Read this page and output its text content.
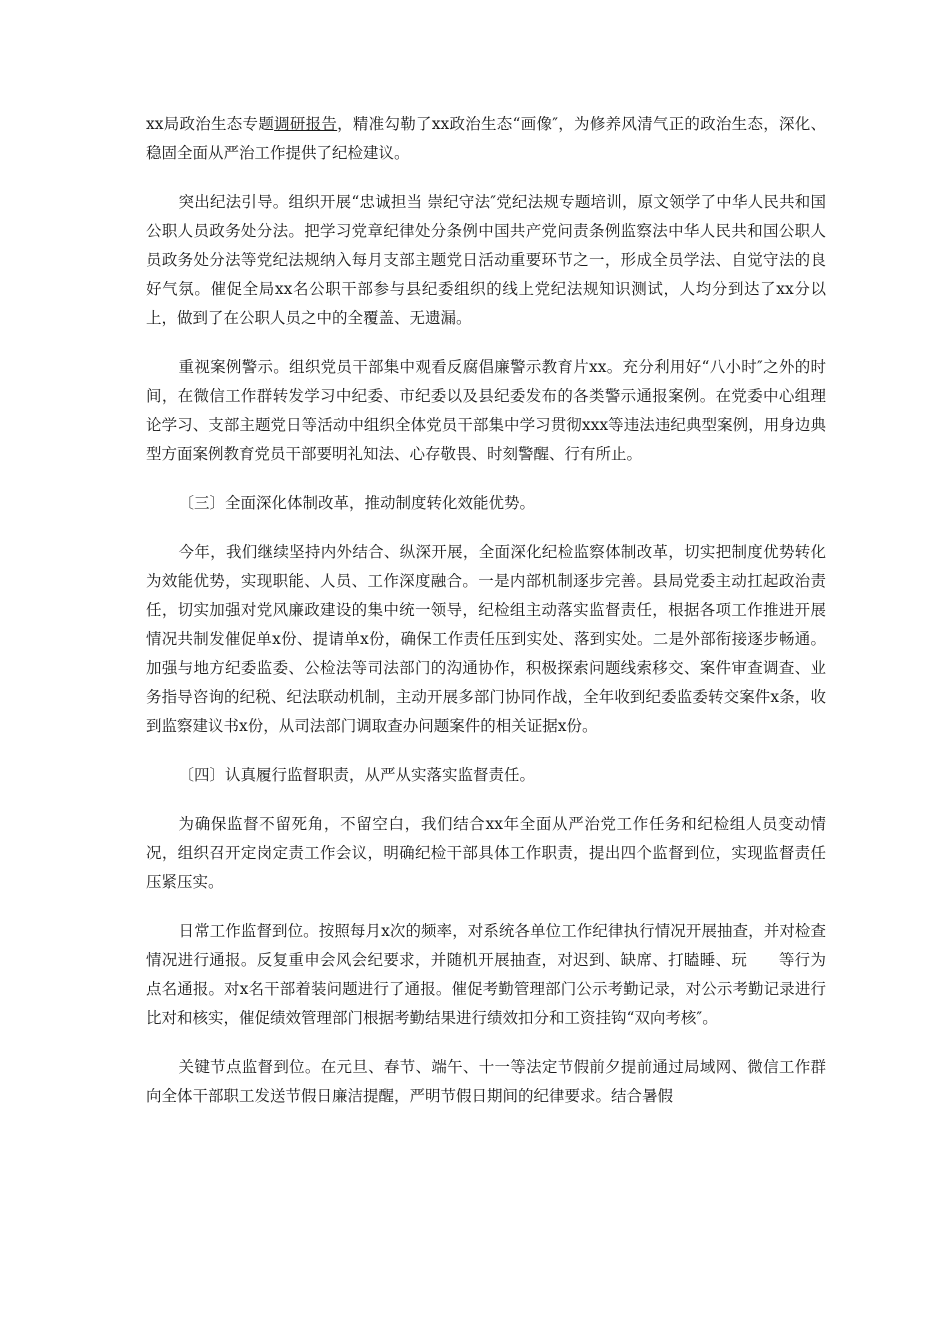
xx局政治生态专题调研报告，精准勾勒了xx政治生态“画像″，为修养风清气正的政治生态，深化、稳固全面从严治工作提供了纪检建议。

突出纪法引导。组织开展“忠诚担当 崇纪守法″党纪法规专题培训，原文领学了中华人民共和国公职人员政务处分法。把学习党章纪律处分条例中国共产党问责条例监察法中华人民共和国公职人员政务处分法等党纪法规纳入每月支部主题党日活动重要环节之一，形成全员学法、自觉守法的良好气氛。催促全局xx名公职干部参与县纪委组织的线上党纪法规知识测试，人均分到达了xx分以上，做到了在公职人员之中的全覆盖、无遗漏。

重视案例警示。组织党员干部集中观看反腐倡廉警示教育片xx。充分利用好“八小时″之外的时间，在微信工作群转发学习中纪委、市纪委以及县纪委发布的各类警示通报案例。在党委中心组理论学习、支部主题党日等活动中组织全体党员干部集中学习贯彻xxx等违法违纪典型案例，用身边典型方面案例教育党员干部要明礼知法、心存敬畏、时刻警醒、行有所止。

〔三〕全面深化体制改革，推动制度转化效能优势。

今年，我们继续坚持内外结合、纵深开展，全面深化纪检监察体制改革，切实把制度优势转化为效能优势，实现职能、人员、工作深度融合。一是内部机制逐步完善。县局党委主动扛起政治责任，切实加强对党风廉政建设的集中统一领导，纪检组主动落实监督责任，根据各项工作推进开展情况共制发催促单x份、提请单x份，确保工作责任压到实处、落到实处。二是外部衔接逐步畅通。加强与地方纪委监委、公检法等司法部门的沟通协作，积极探索问题线索移交、案件审查调查、业务指导咨询的纪税、纪法联动机制，主动开展多部门协同作战，全年收到纪委监委转交案件x条，收到监察建议书x份，从司法部门调取查办问题案件的相关证据x份。

〔四〕认真履行监督职责，从严从实落实监督责任。

为确保监督不留死角，不留空白，我们结合xx年全面从严治党工作任务和纪检组人员变动情况，组织召开定岗定责工作会议，明确纪检干部具体工作职责，提出四个监督到位，实现监督责任压紧压实。

日常工作监督到位。按照每月x次的频率，对系统各单位工作纪律执行情况开展抽查，并对检查情况进行通报。反复重申会风会纪要求，并随机开展抽查，对迟到、缺席、打瞌睡、玩　　等行为点名通报。对x名干部着装问题进行了通报。催促考勤管理部门公示考勤记录，对公示考勤记录进行比对和核实，催促绩效管理部门根据考勤结果进行绩效扣分和工资挂钩“双向考核″。

关键节点监督到位。在元旦、春节、端午、十一等法定节假前夕提前通过局域网、微信工作群向全体干部职工发送节假日廉洁提醒，严明节假日期间的纪律要求。结合暑假
